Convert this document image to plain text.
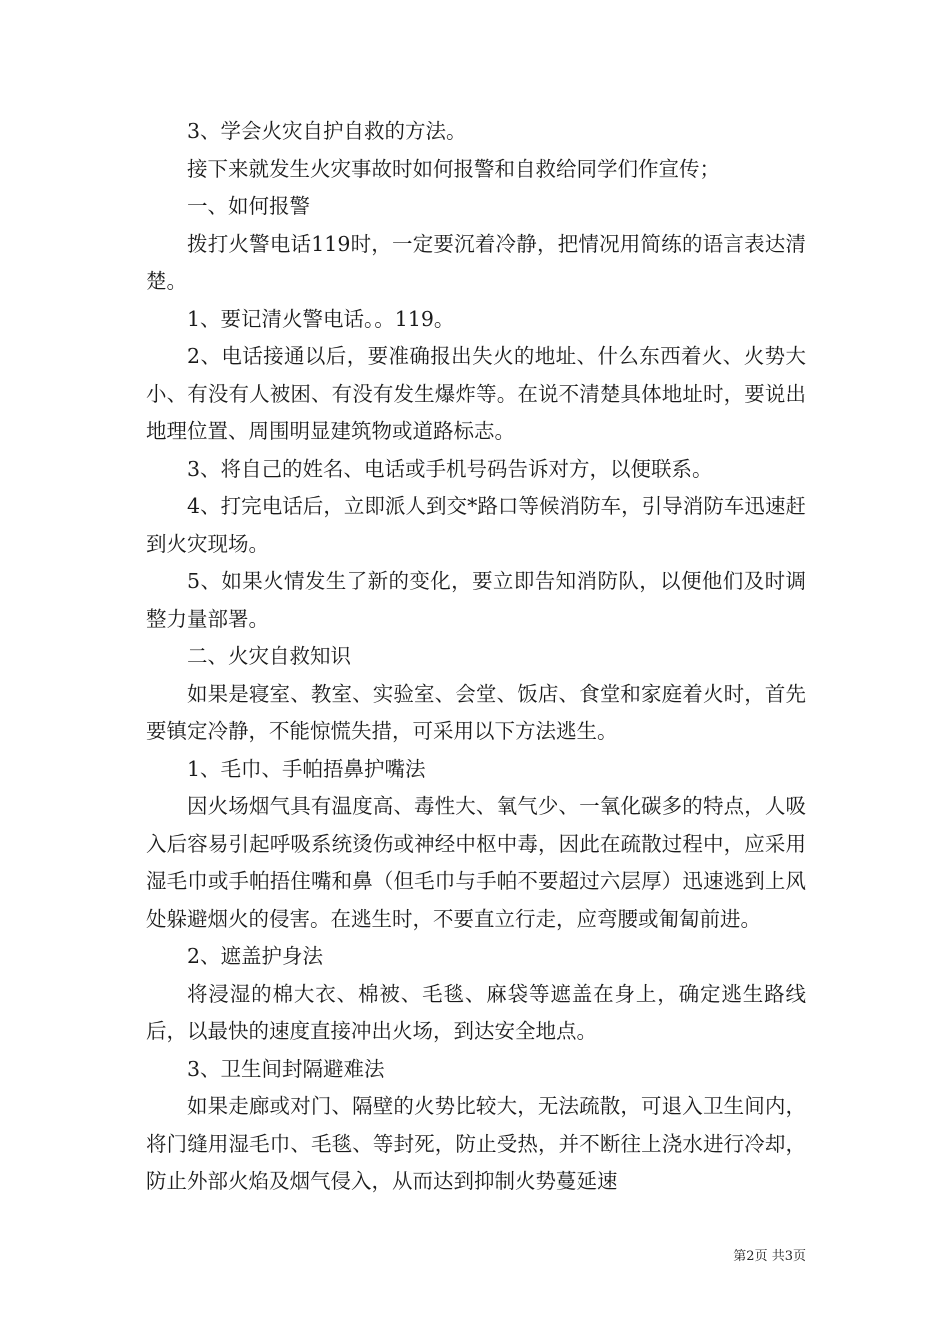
3、学会火灾自护自救的方法。

接下来就发生火灾事故时如何报警和自救给同学们作宣传；

一、如何报警

拨打火警电话119时，一定要沉着冷静，把情况用简练的语言表达清楚。

1、要记清火警电话。。119。

2、电话接通以后，要准确报出失火的地址、什么东西着火、火势大小、有没有人被困、有没有发生爆炸等。在说不清楚具体地址时，要说出地理位置、周围明显建筑物或道路标志。

3、将自己的姓名、电话或手机号码告诉对方，以便联系。

4、打完电话后，立即派人到交*路口等候消防车，引导消防车迅速赶到火灾现场。

5、如果火情发生了新的变化，要立即告知消防队，以便他们及时调整力量部署。

二、火灾自救知识

如果是寝室、教室、实验室、会堂、饭店、食堂和家庭着火时，首先要镇定冷静，不能惊慌失措，可采用以下方法逃生。

1、毛巾、手帕捂鼻护嘴法

因火场烟气具有温度高、毒性大、氧气少、一氧化碳多的特点，人吸入后容易引起呼吸系统烫伤或神经中枢中毒，因此在疏散过程中，应采用湿毛巾或手帕捂住嘴和鼻（但毛巾与手帕不要超过六层厚）迅速逃到上风处躲避烟火的侵害。在逃生时，不要直立行走，应弯腰或匍匐前进。

2、遮盖护身法

将浸湿的棉大衣、棉被、毛毯、麻袋等遮盖在身上，确定逃生路线后，以最快的速度直接冲出火场，到达安全地点。

3、卫生间封隔避难法

如果走廊或对门、隔壁的火势比较大，无法疏散，可退入卫生间内，将门缝用湿毛巾、毛毯、等封死，防止受热，并不断往上浇水进行冷却，防止外部火焰及烟气侵入，从而达到抑制火势蔓延速

第2页 共3页
